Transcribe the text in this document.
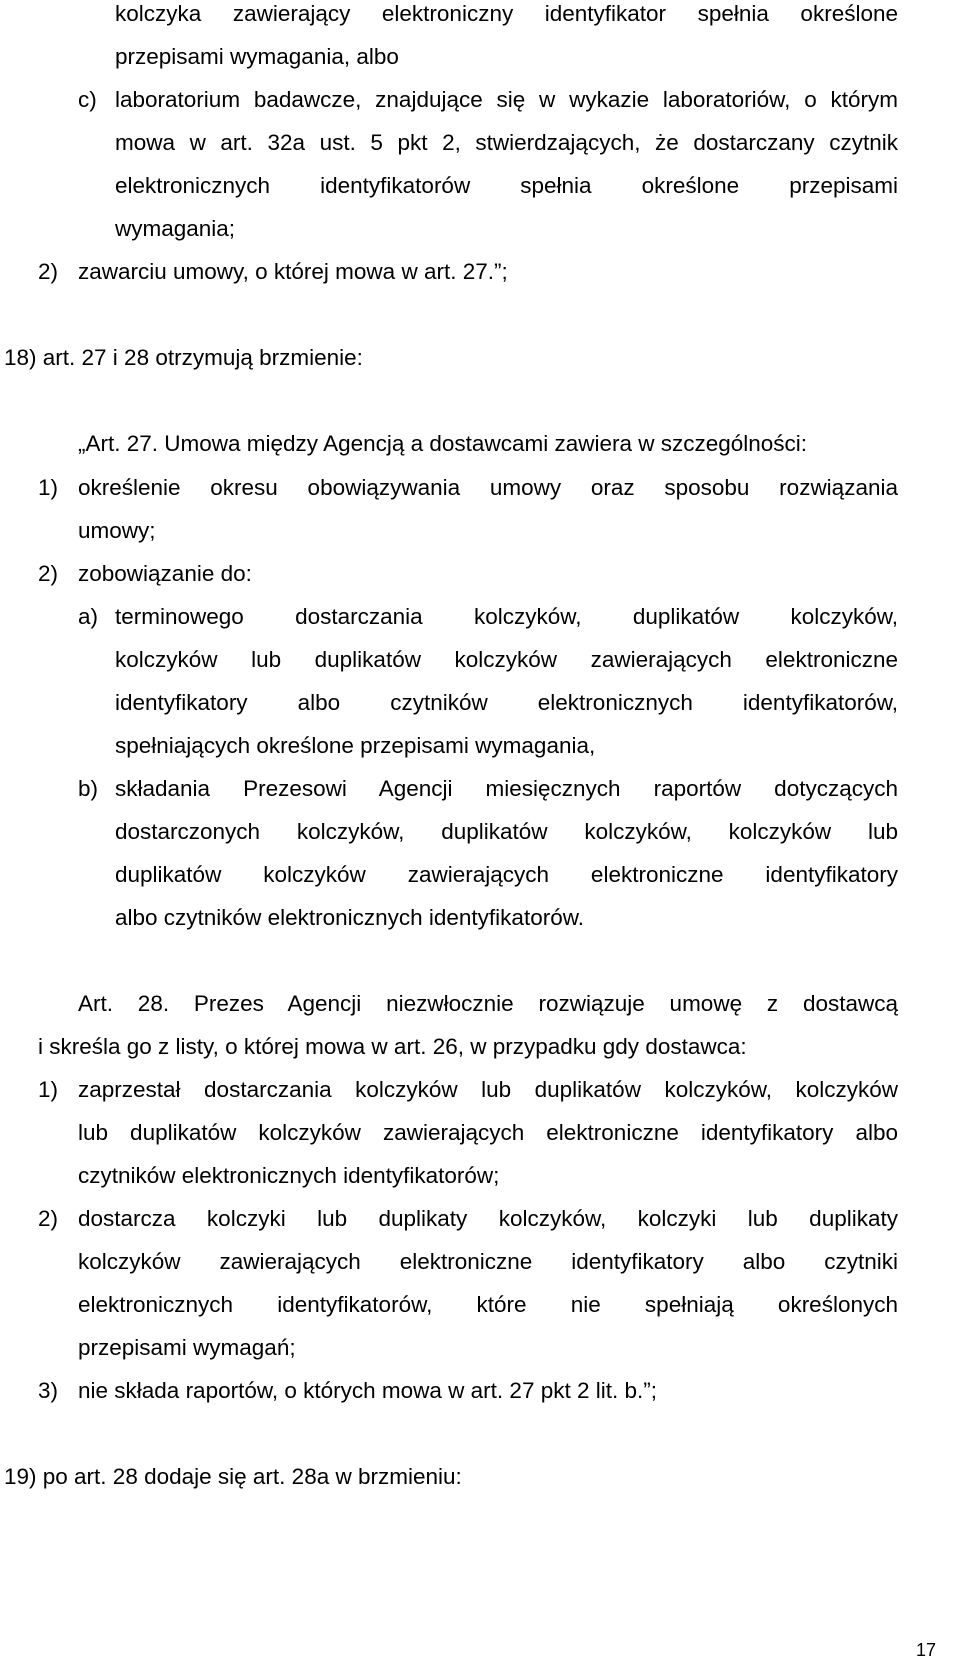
kolczyka zawierający elektroniczny identyfikator spełnia określone
przepisami wymagania, albo
c) laboratorium badawcze, znajdujące się w wykazie laboratoriów, o którym
mowa w art. 32a ust. 5 pkt 2, stwierdzających, że dostarczany czytnik
elektronicznych identyfikatorów spełnia określone przepisami
wymagania;
2) zawarciu umowy, o której mowa w art. 27.”;
18) art. 27 i 28 otrzymują brzmienie:
„Art. 27. Umowa między Agencją a dostawcami zawiera w szczególności:
1) określenie okresu obowiązywania umowy oraz sposobu rozwiązania
umowy;
2) zobowiązanie do:
a) terminowego dostarczania kolczyków, duplikatów kolczyków,
kolczyków lub duplikatów kolczyków zawierających elektroniczne
identyfikatory albo czytników elektronicznych identyfikatorów,
spełniających określone przepisami wymagania,
b) składania Prezesowi Agencji miesięcznych raportów dotyczących
dostarczonych kolczyków, duplikatów kolczyków, kolczyków lub
duplikatów kolczyków zawierających elektroniczne identyfikatory
albo czytników elektronicznych identyfikatorów.
Art. 28. Prezes Agencji niezwłocznie rozwiązuje umowę z dostawcą
i skreśla go z listy, o której mowa w art. 26, w przypadku gdy dostawca:
1) zaprzestał dostarczania kolczyków lub duplikatów kolczyków, kolczyków
lub duplikatów kolczyków zawierających elektroniczne identyfikatory albo
czytników elektronicznych identyfikatorów;
2) dostarcza kolczyki lub duplikaty kolczyków, kolczyki lub duplikaty
kolczyków zawierających elektroniczne identyfikatory albo czytniki
elektronicznych identyfikatorów, które nie spełniają określonych
przepisami wymagań;
3) nie składa raportów, o których mowa w art. 27 pkt 2 lit. b.”;
19) po art. 28 dodaje się art. 28a w brzmieniu:
17
